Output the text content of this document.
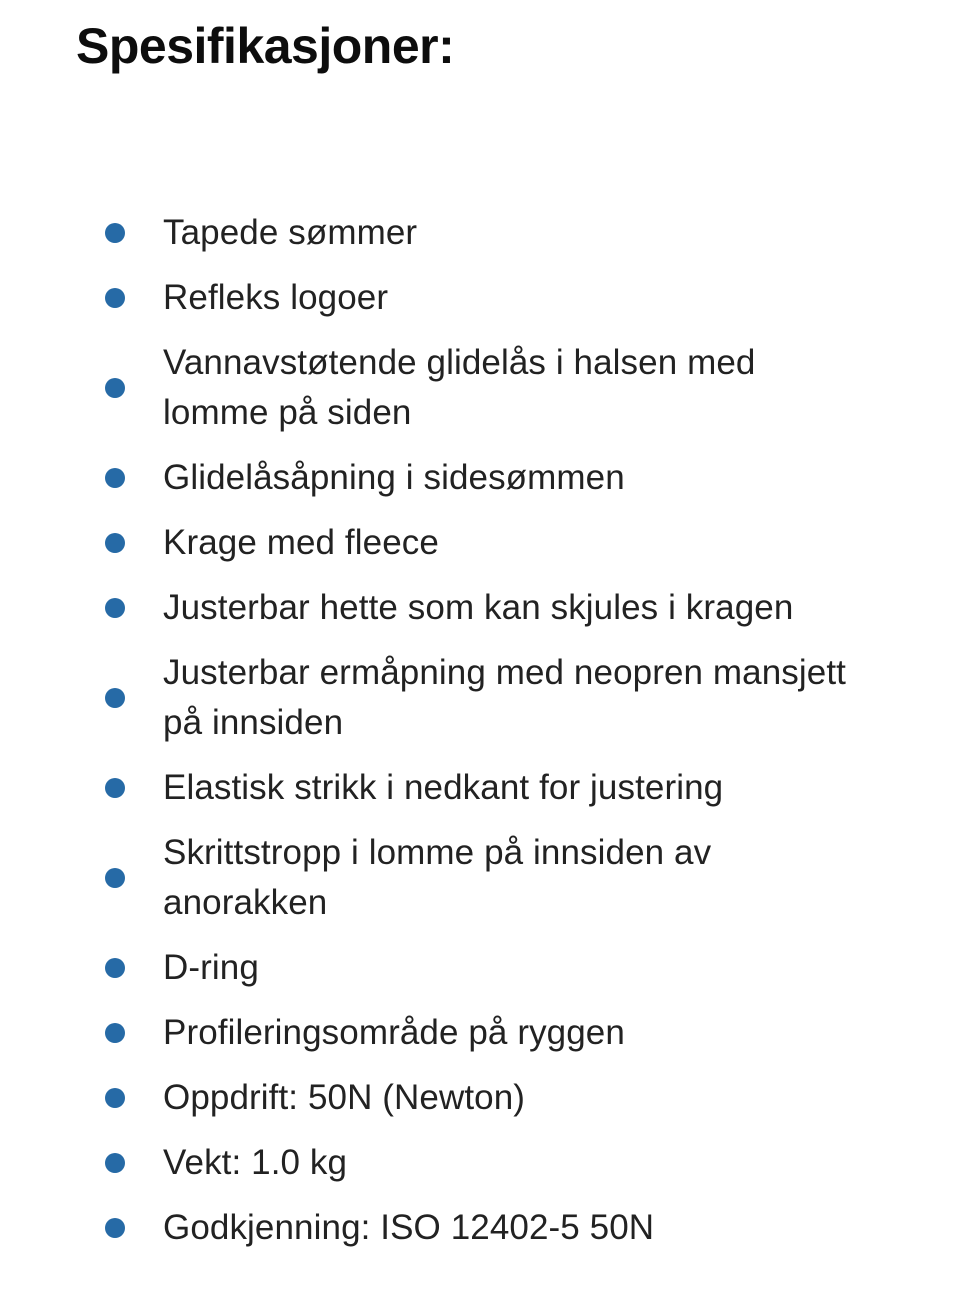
Spesifikasjoner:
Tapede sømmer
Refleks logoer
Vannavstøtende glidelås i halsen med lomme på siden
Glidelåsåpning i sidesømmen
Krage med fleece
Justerbar hette som kan skjules i kragen
Justerbar ermåpning med neopren mansjett på innsiden
Elastisk strikk i nedkant for justering
Skrittstropp i lomme på innsiden av anorakken
D-ring
Profileringsområde på ryggen
Oppdrift: 50N (Newton)
Vekt: 1.0 kg
Godkjenning: ISO 12402-5 50N
